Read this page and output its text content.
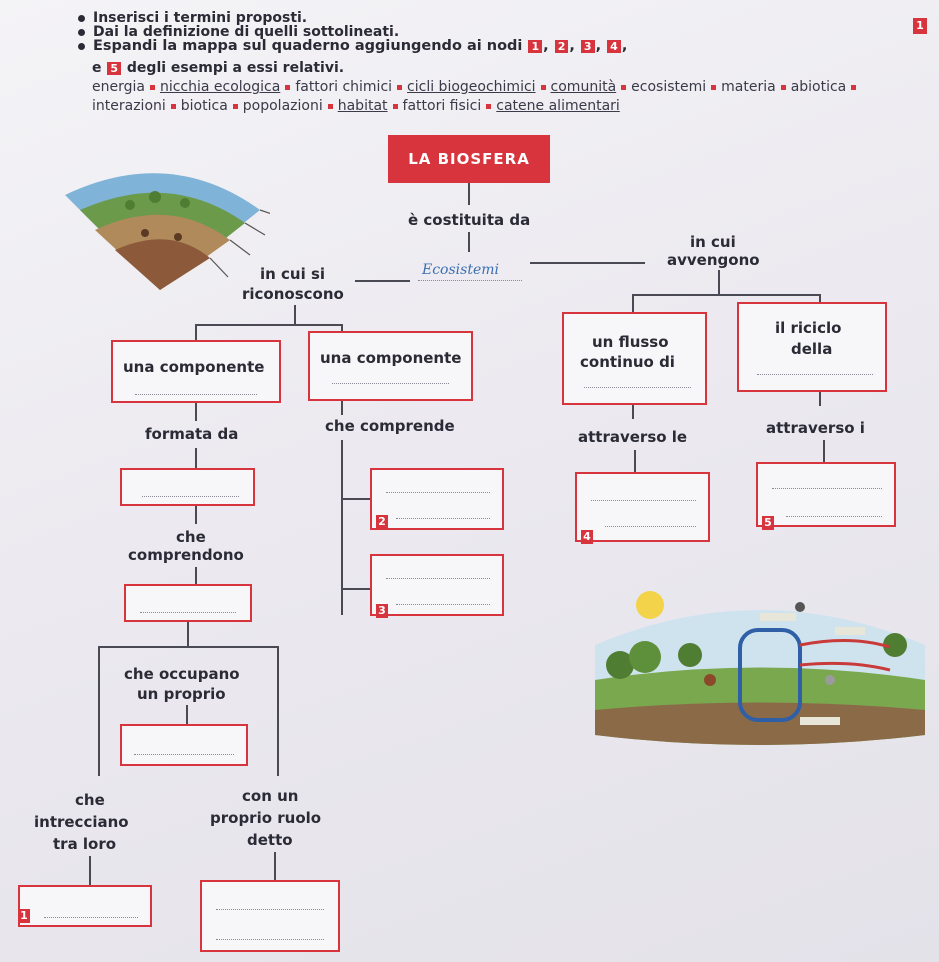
Inserisci i termini proposti.
Dai la definizione di quelli sottolineati.
Espandi la mappa sul quaderno aggiungendo ai nodi 1 , 2 , 3 , 4 ,
e 5 degli esempi a essi relativi.
1
energia nicchia ecologica fattori chimici cicli biogeochimici comunità ecosistemi materia abioticainterazioni biotica popolazioni habitat fattori fisici catene alimentari
LA BIOSFERA
è costituita da
Ecosistemi
in cui si
riconoscono
in cui
avvengono
una componente	una componente
un flusso
continuo di
il riciclo
della
formata da	che comprende
attraverso le	attraverso i
che
comprendono
che occupano
un proprio
che
intrecciano
tra loro
con un
proprio ruolo
detto
1
2
3
4
5
